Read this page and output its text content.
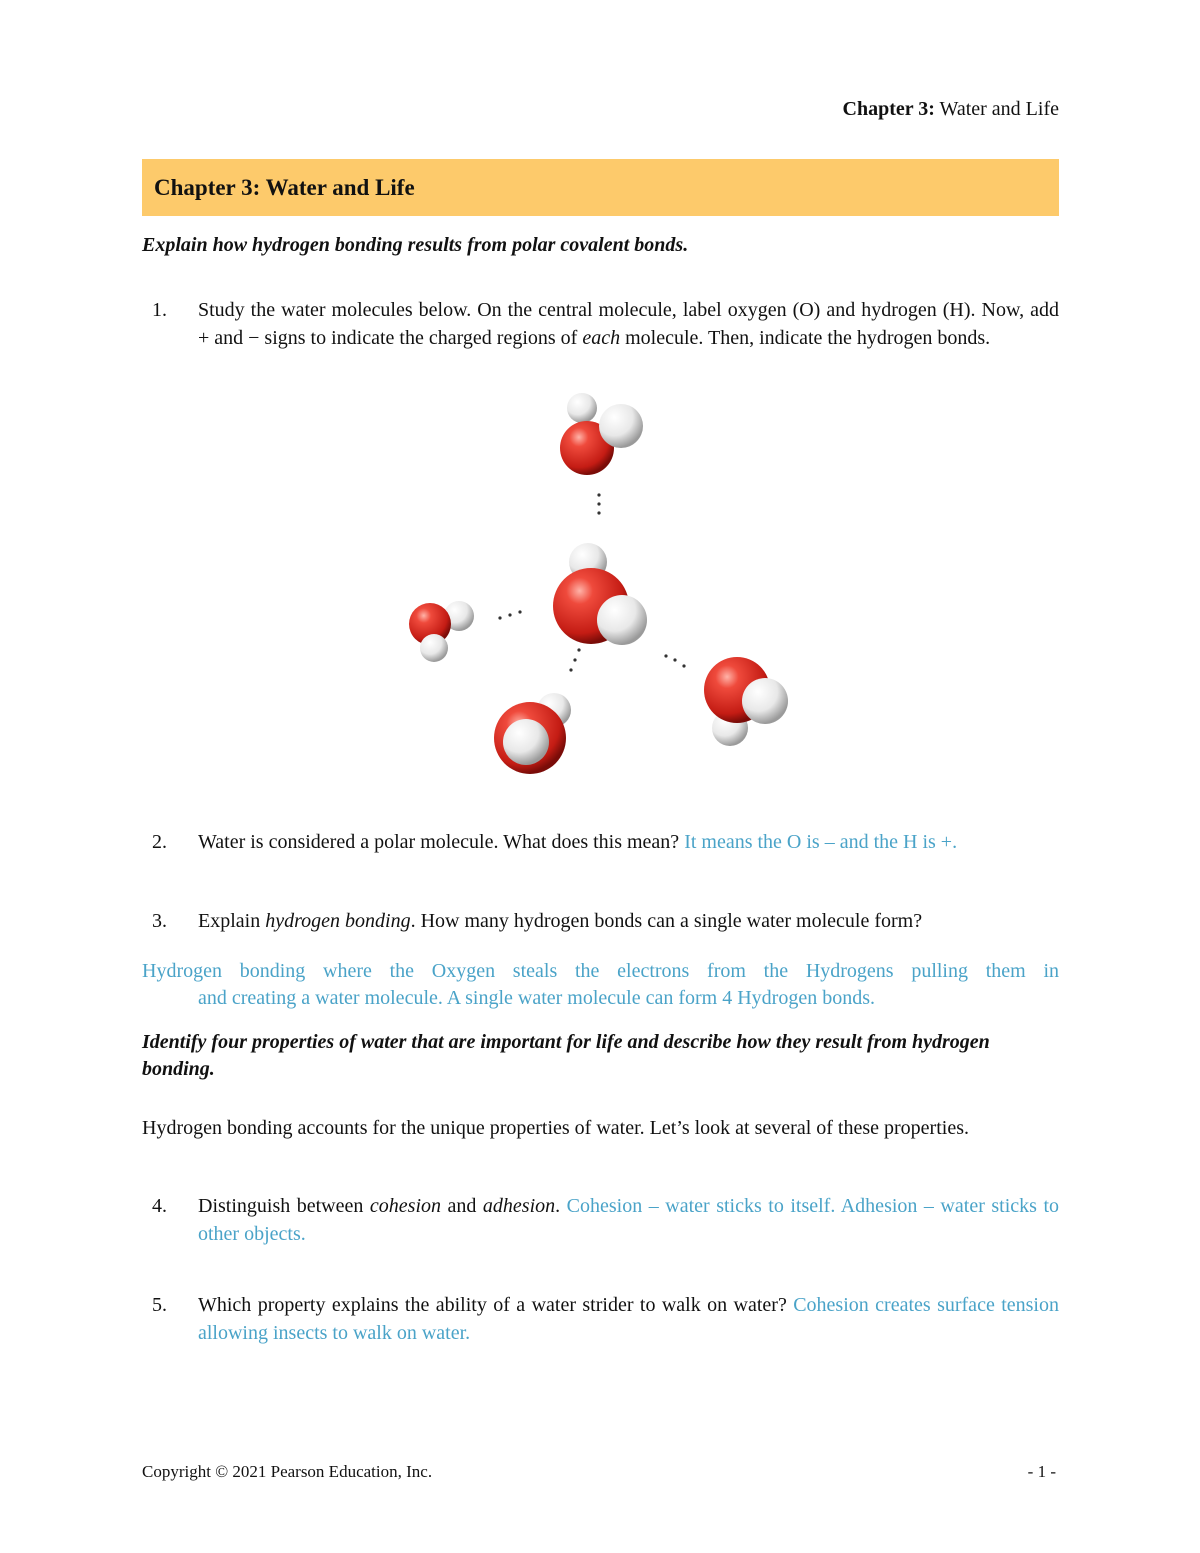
Chapter 3: Water and Life
Chapter 3: Water and Life
Explain how hydrogen bonding results from polar covalent bonds.
1. Study the water molecules below. On the central molecule, label oxygen (O) and hydrogen (H). Now, add + and − signs to indicate the charged regions of each molecule. Then, indicate the hydrogen bonds.
2. Water is considered a polar molecule. What does this mean? It means the O is – and the H is +.
3. Explain hydrogen bonding. How many hydrogen bonds can a single water molecule form?
Hydrogen bonding where the Oxygen steals the electrons from the Hydrogens pulling them in
and creating a water molecule. A single water molecule can form 4 Hydrogen bonds.
Identify four properties of water that are important for life and describe how they result from hydrogen bonding.
Hydrogen bonding accounts for the unique properties of water. Let’s look at several of these properties.
4. Distinguish between cohesion and adhesion. Cohesion – water sticks to itself. Adhesion – water sticks to other objects.
5. Which property explains the ability of a water strider to walk on water? Cohesion creates surface tension allowing insects to walk on water.
Copyright © 2021 Pearson Education, Inc.	- 1 -
